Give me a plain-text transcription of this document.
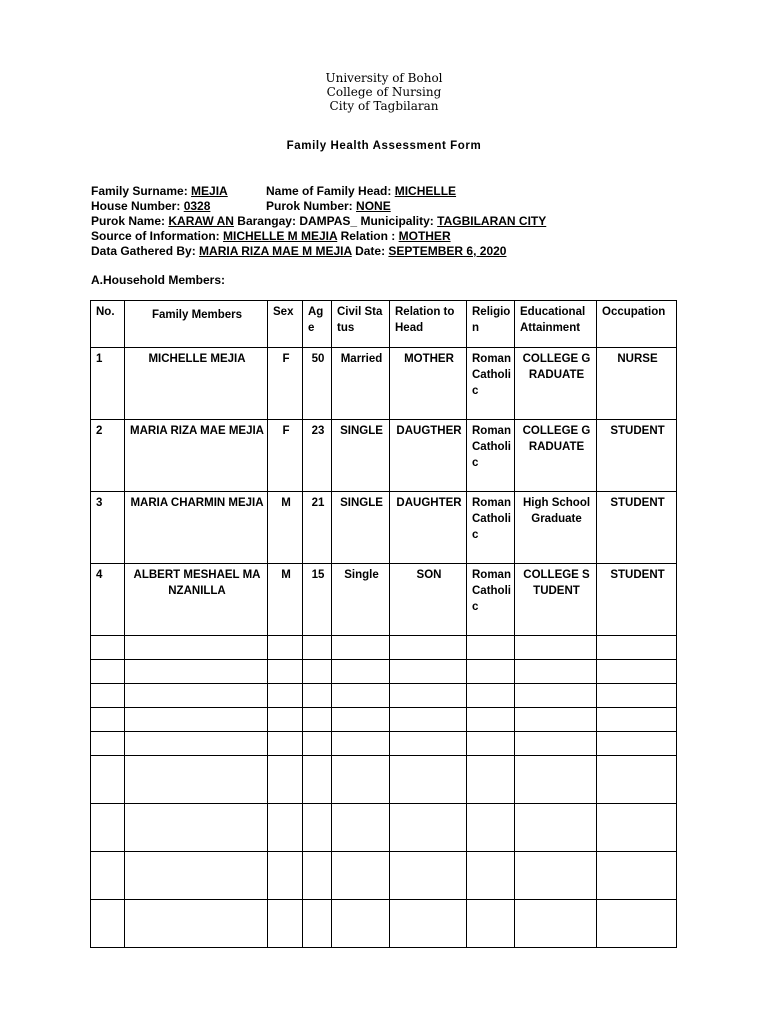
University of Bohol
College of Nursing
City of Tagbilaran
Family Health Assessment Form
Family Surname: MEJIA	Name of Family Head: MICHELLE
House Number: 0328	Purok Number: NONE
Purok Name: KARAW AN Barangay: DAMPAS_ Municipality: TAGBILARAN CITY
Source of Information: MICHELLE M MEJIA Relation : MOTHER
Data Gathered By: MARIA RIZA MAE M MEJIA Date: SEPTEMBER 6, 2020
A.Household Members:
No.	Family Members	Sex	Age	Civil Status	Relation to Head	Religion	Educational Attainment	Occupation
1	MICHELLE MEJIA	F	50	Married	MOTHER	Roman Catholic	COLLEGE GRADUATE	NURSE
2	MARIA RIZA MAE MEJIA	F	23	SINGLE	DAUGTHER	Roman Catholic	COLLEGE GRADUATE	STUDENT
3	MARIA CHARMIN MEJIA	M	21	SINGLE	DAUGHTER	Roman Catholic	High School Graduate	STUDENT
4	ALBERT MESHAEL MANZANILLA	M	15	Single	SON	Roman Catholic	COLLEGE STUDENT	STUDENT
